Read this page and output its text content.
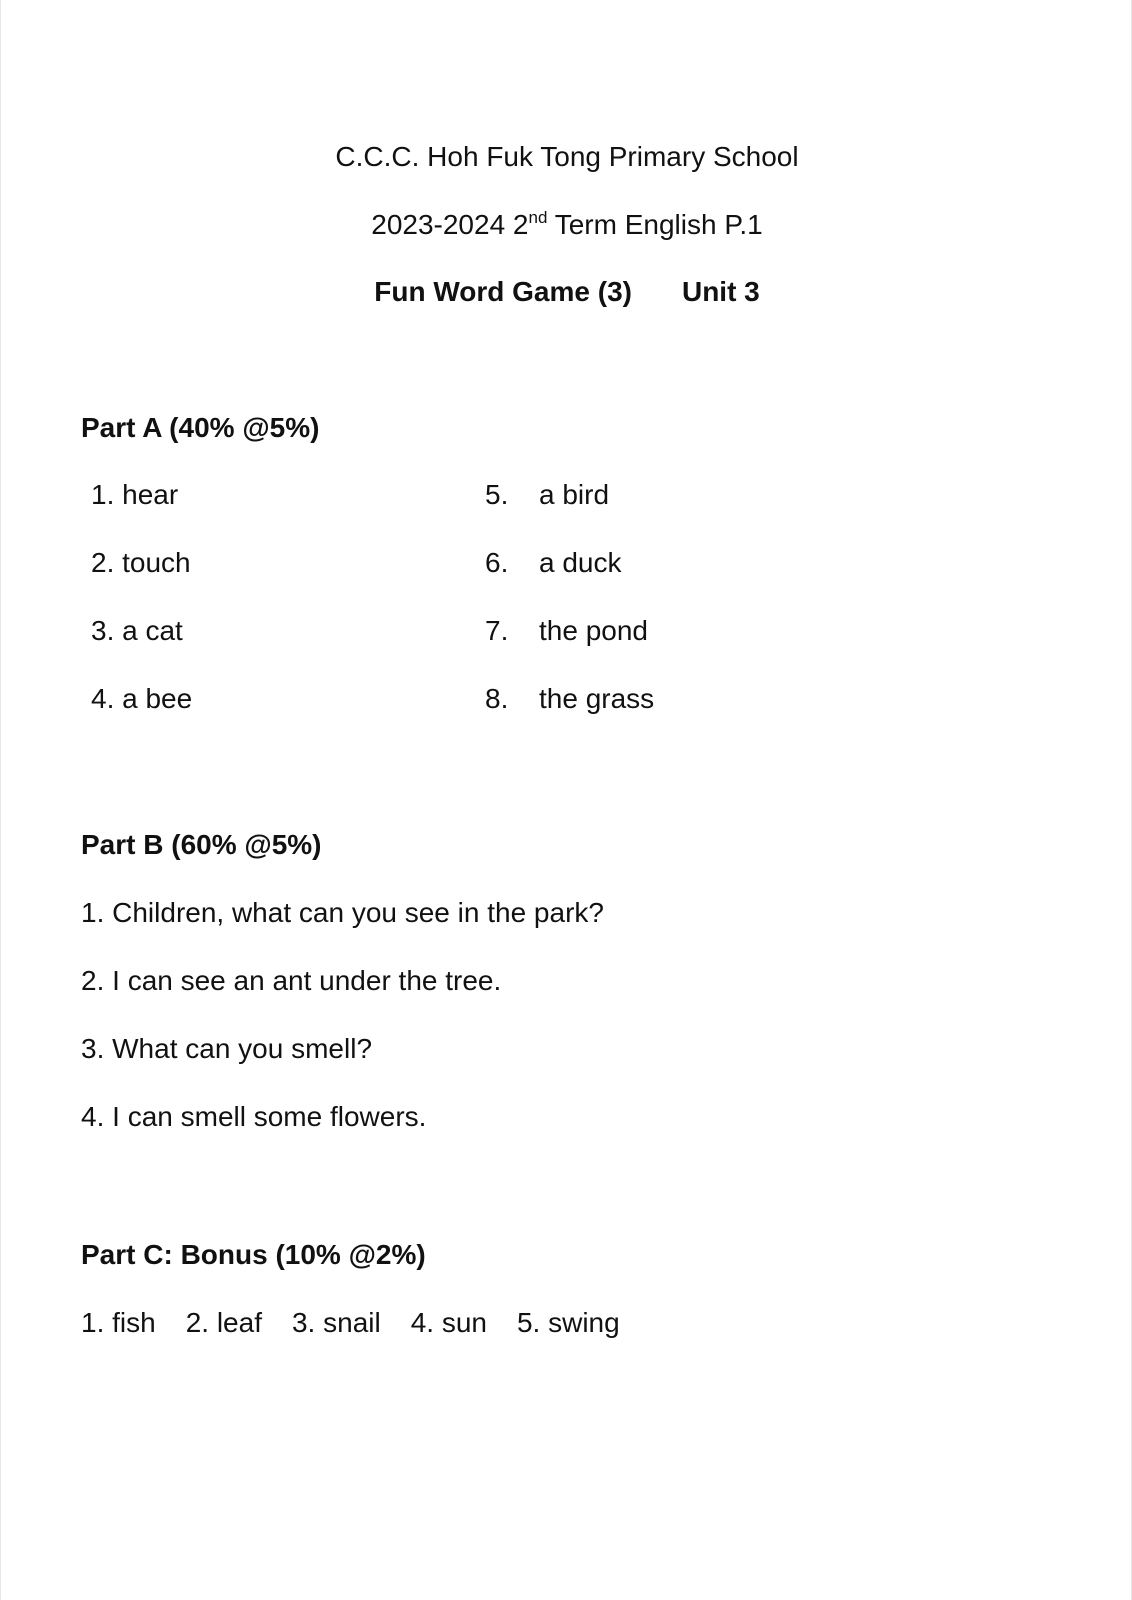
C.C.C. Hoh Fuk Tong Primary School
2023-2024 2nd Term English P.1
Fun Word Game (3) Unit 3
Part A (40% @5%)
1. hear
2. touch
3. a cat
4. a bee
5. a bird
6. a duck
7. the pond
8. the grass
Part B (60% @5%)
1. Children, what can you see in the park?
2. I can see an ant under the tree.
3. What can you smell?
4. I can smell some flowers.
Part C: Bonus (10% @2%)
1. fish 2. leaf 3. snail 4. sun 5. swing
